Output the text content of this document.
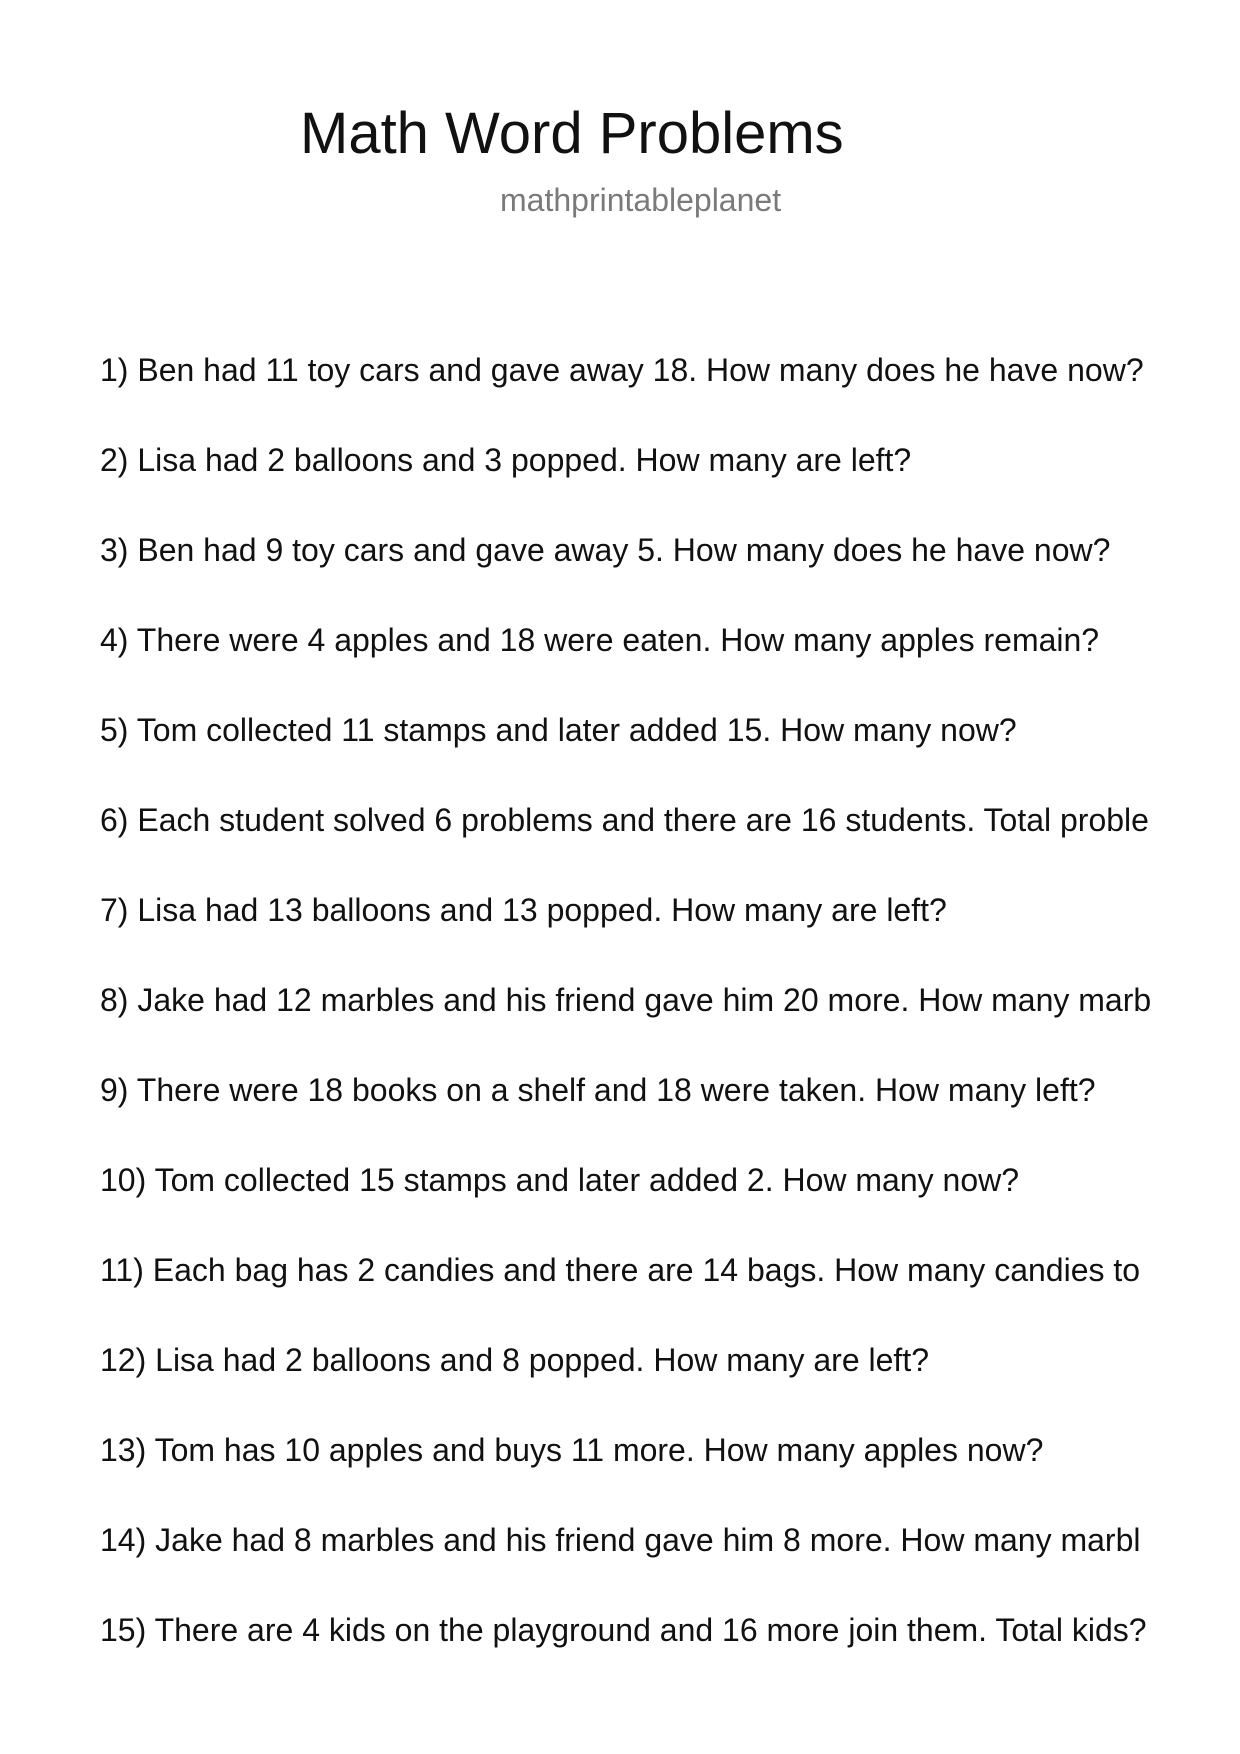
Math Word Problems
mathprintableplanet
1) Ben had 11 toy cars and gave away 18. How many does he have now?
2) Lisa had 2 balloons and 3 popped. How many are left?
3) Ben had 9 toy cars and gave away 5. How many does he have now?
4) There were 4 apples and 18 were eaten. How many apples remain?
5) Tom collected 11 stamps and later added 15. How many now?
6) Each student solved 6 problems and there are 16 students. Total proble
7) Lisa had 13 balloons and 13 popped. How many are left?
8) Jake had 12 marbles and his friend gave him 20 more. How many marb
9) There were 18 books on a shelf and 18 were taken. How many left?
10) Tom collected 15 stamps and later added 2. How many now?
11) Each bag has 2 candies and there are 14 bags. How many candies to
12) Lisa had 2 balloons and 8 popped. How many are left?
13) Tom has 10 apples and buys 11 more. How many apples now?
14) Jake had 8 marbles and his friend gave him 8 more. How many marbl
15) There are 4 kids on the playground and 16 more join them. Total kids?
